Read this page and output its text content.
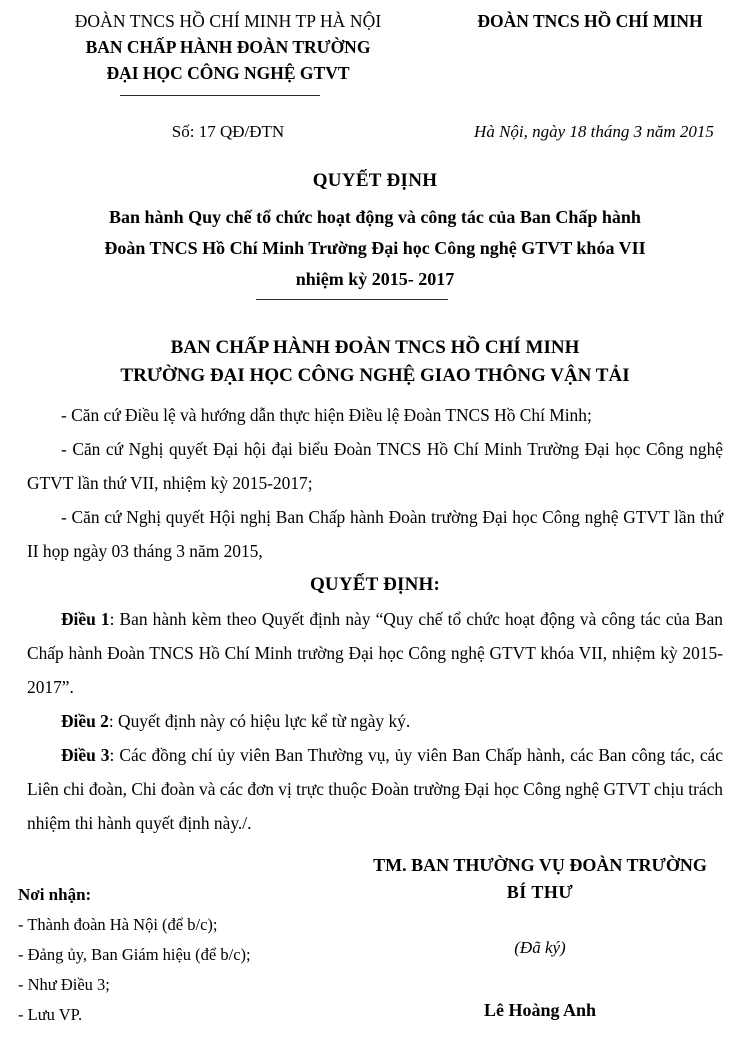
ĐOÀN TNCS HỒ CHÍ MINH TP HÀ NỘI
BAN CHẤP HÀNH ĐOÀN TRƯỜNG
ĐẠI HỌC CÔNG NGHỆ GTVT
ĐOÀN TNCS HỒ CHÍ MINH
Số: 17 QĐ/ĐTN	Hà Nội, ngày 18 tháng 3 năm 2015
QUYẾT ĐỊNH
Ban hành Quy chế tổ chức hoạt động và công tác của Ban Chấp hành
Đoàn TNCS Hồ Chí Minh Trường Đại học Công nghệ GTVT khóa VII
nhiệm kỳ 2015- 2017
BAN CHẤP HÀNH ĐOÀN TNCS HỒ CHÍ MINH
TRƯỜNG ĐẠI HỌC CÔNG NGHỆ GIAO THÔNG VẬN TẢI

- Căn cứ Điều lệ và hướng dẫn thực hiện Điều lệ Đoàn TNCS Hồ Chí Minh;

- Căn cứ Nghị quyết Đại hội đại biểu Đoàn TNCS Hồ Chí Minh Trường Đại học Công nghệ GTVT lần thứ VII, nhiệm kỳ 2015-2017;

- Căn cứ Nghị quyết Hội nghị Ban Chấp hành Đoàn trường Đại học Công nghệ GTVT lần thứ II họp ngày 03 tháng 3 năm 2015,

QUYẾT ĐỊNH:

Điều 1: Ban hành kèm theo Quyết định này “Quy chế tổ chức hoạt động và công tác của Ban Chấp hành Đoàn TNCS Hồ Chí Minh trường Đại học Công nghệ GTVT khóa VII, nhiệm kỳ 2015- 2017”.

Điều 2: Quyết định này có hiệu lực kể từ ngày ký.

Điều 3: Các đồng chí ủy viên Ban Thường vụ, ủy viên Ban Chấp hành, các Ban công tác, các Liên chi đoàn, Chi đoàn và các đơn vị trực thuộc Đoàn trường Đại học Công nghệ GTVT chịu trách nhiệm thi hành quyết định này./.

TM. BAN THƯỜNG VỤ ĐOÀN TRƯỜNG
BÍ THƯ
(Đã ký)
Lê Hoàng Anh
Nơi nhận:
- Thành đoàn Hà Nội (để b/c);
- Đảng ủy, Ban Giám hiệu (để b/c);
- Như Điều 3;
- Lưu VP.
